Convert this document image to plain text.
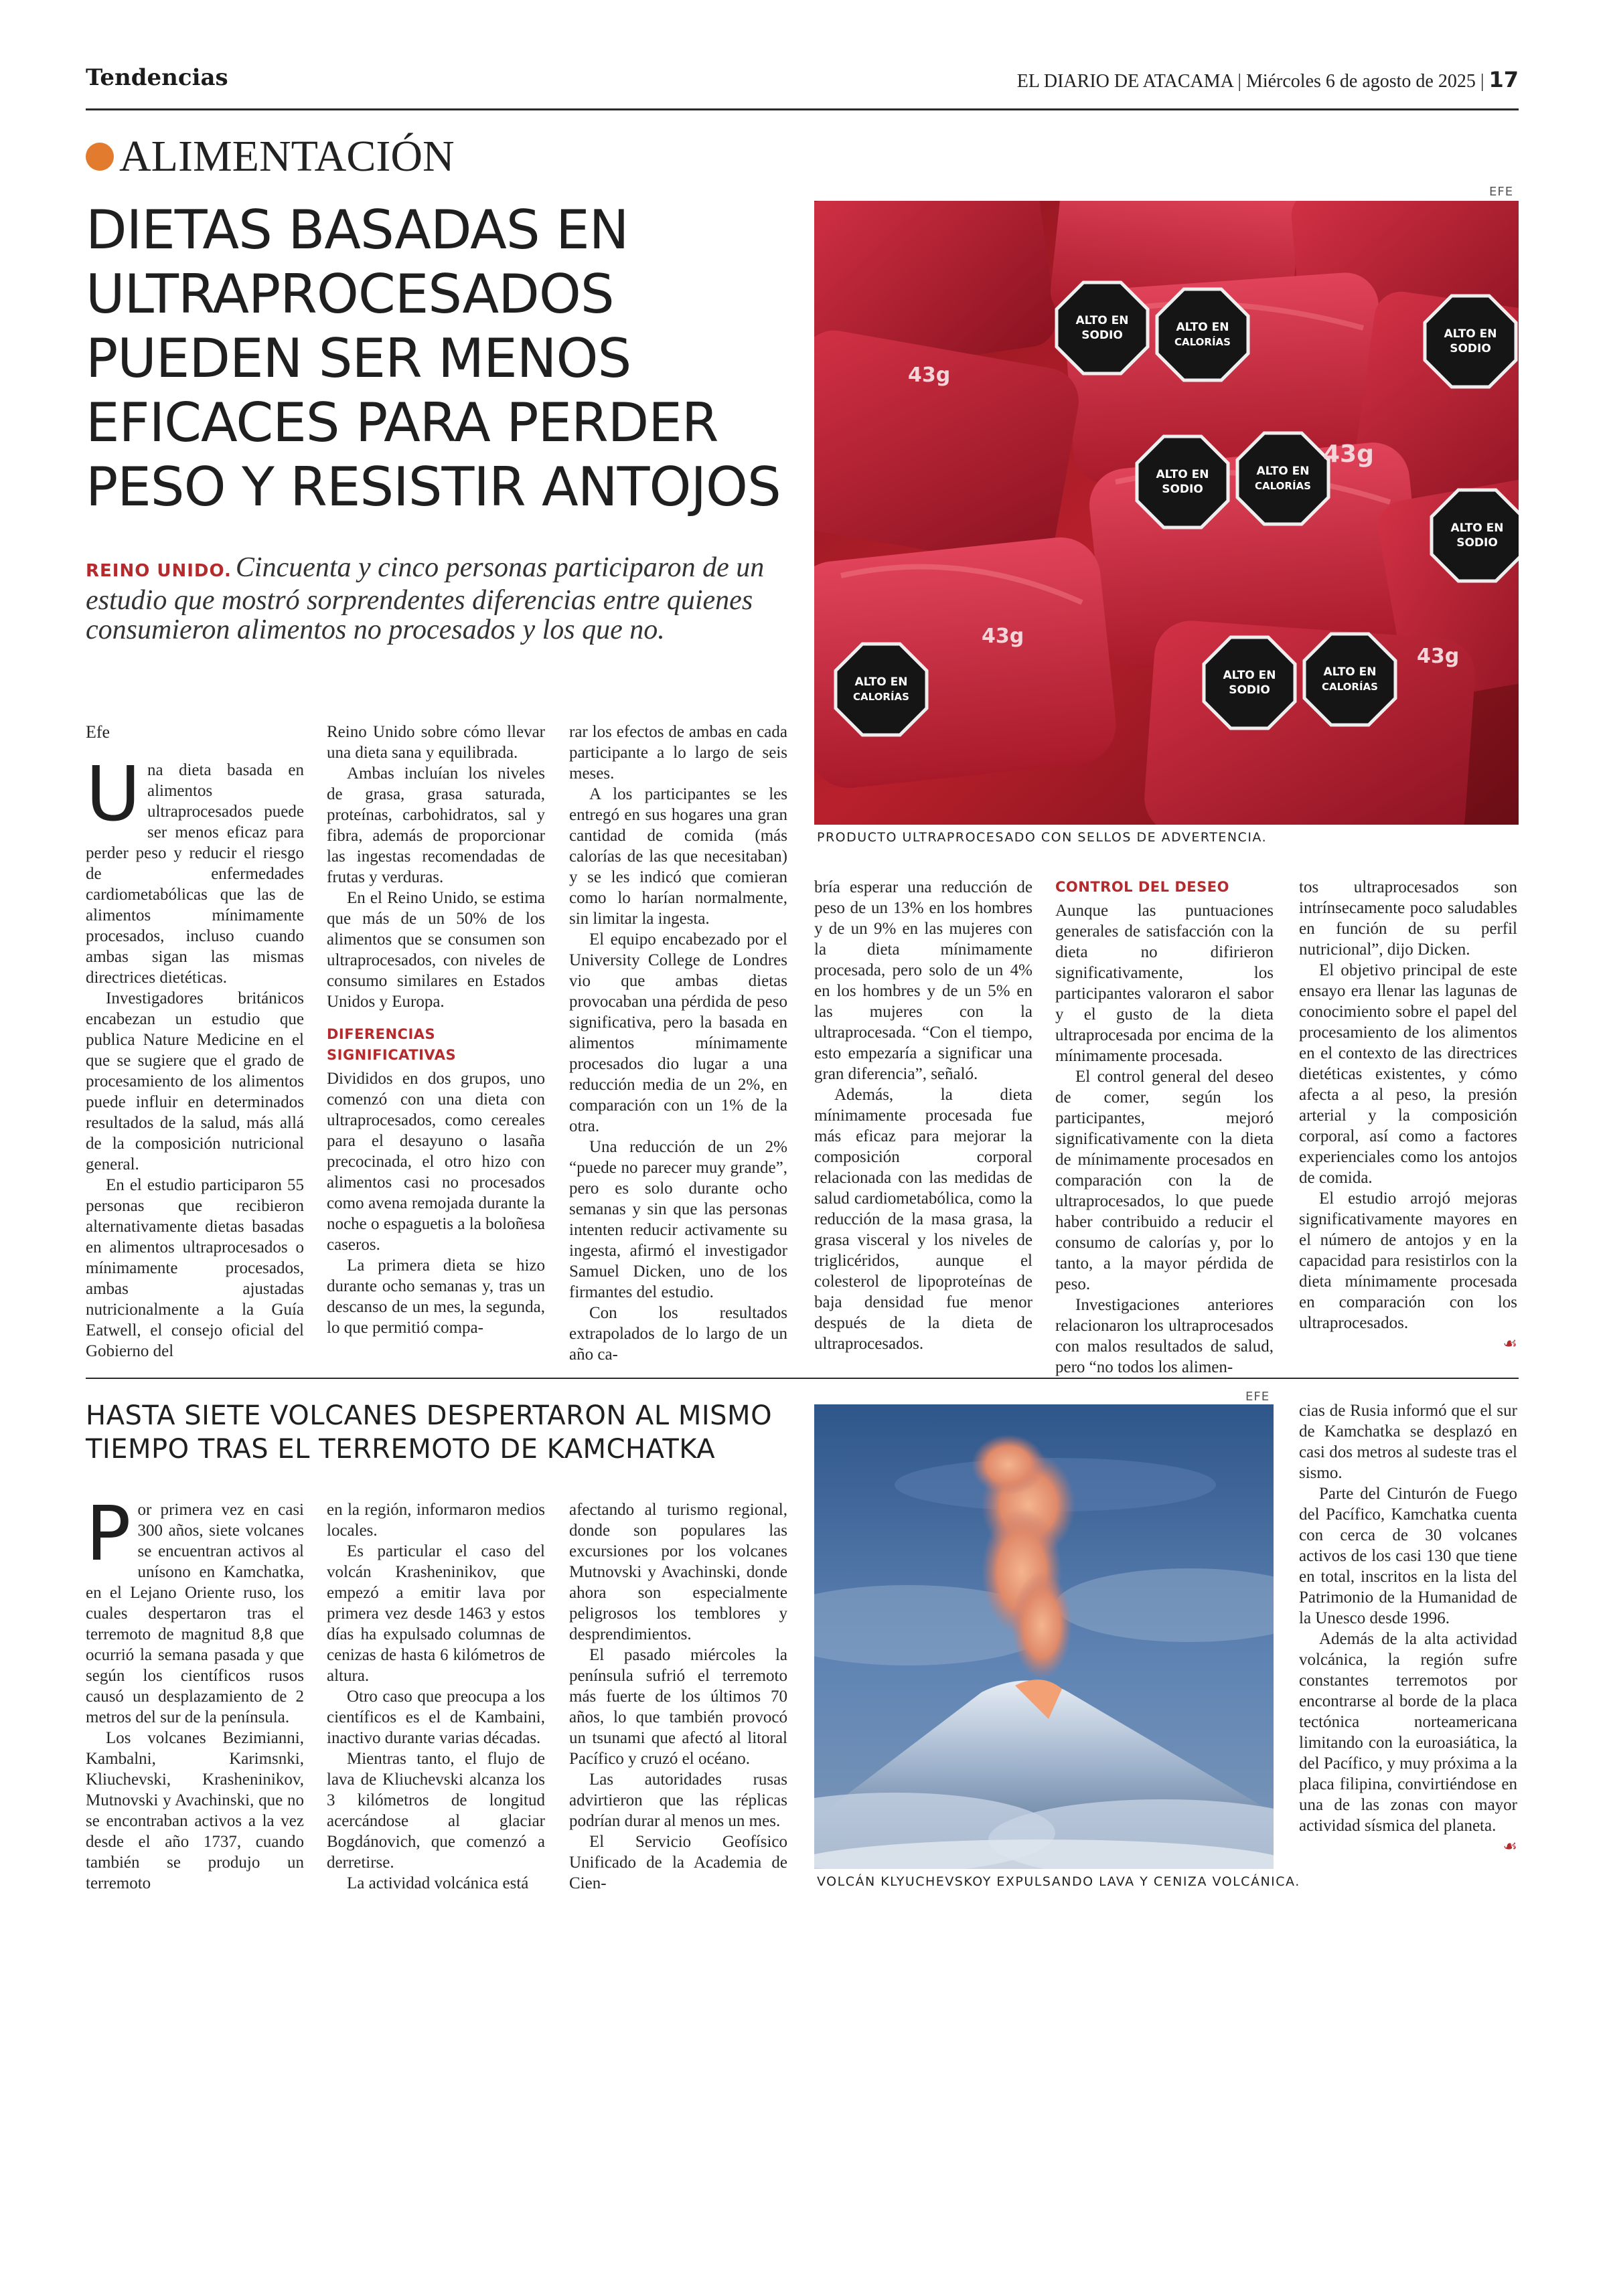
Tendencias	EL DIARIO DE ATACAMA | Miércoles 6 de agosto de 2025 | 17
ALIMENTACIÓN
DIETAS BASADAS EN
ULTRAPROCESADOS
PUEDEN SER MENOS
EFICACES PARA PERDER
PESO Y RESISTIR ANTOJOS
REINO UNIDO. Cincuenta y cinco personas participaron de un estudio que mostró sorprendentes diferencias entre quienes consumieron alimentos no procesados y los que no.
EFE
ALTO EN
SODIO
ALTO EN
CALORÍAS
ALTO EN
SODIO
ALTO EN
CALORÍAS
ALTO EN
CALORÍAS
ALTO EN
SODIO
ALTO EN
CALORÍAS
ALTO EN
SODIO
ALTO EN
SODIO
43g
43g
43g
43g
PRODUCTO ULTRAPROCESADO CON SELLOS DE ADVERTENCIA.

Efe

Una dieta basada en alimentos ultraprocesados puede ser menos eficaz para perder peso y reducir el riesgo de enfermedades cardiometabólicas que las de alimentos mínimamente procesados, incluso cuando ambas sigan las mismas directrices dietéticas.

Investigadores británicos encabezan un estudio que publica Nature Medicine en el que se sugiere que el grado de procesamiento de los alimentos puede influir en determinados resultados de la salud, más allá de la composición nutricional general.

En el estudio participaron 55 personas que recibieron alternativamente dietas basadas en alimentos ultraprocesados o mínimamente procesados, ambas ajustadas nutricionalmente a la Guía Eatwell, el consejo oficial del Gobierno del

Reino Unido sobre cómo llevar una dieta sana y equilibrada.

Ambas incluían los niveles de grasa, grasa saturada, proteínas, carbohidratos, sal y fibra, además de proporcionar las ingestas recomendadas de frutas y verduras.

En el Reino Unido, se estima que más de un 50% de los alimentos que se consumen son ultraprocesados, con niveles de consumo similares en Estados Unidos y Europa.

DIFERENCIAS SIGNIFICATIVAS

Divididos en dos grupos, uno comenzó con una dieta con ultraprocesados, como cereales para el desayuno o lasaña precocinada, el otro hizo con alimentos casi no procesados como avena remojada durante la noche o espaguetis a la boloñesa caseros.

La primera dieta se hizo durante ocho semanas y, tras un descanso de un mes, la segunda, lo que permitió compa-

rar los efectos de ambas en cada participante a lo largo de seis meses.

A los participantes se les entregó en sus hogares una gran cantidad de comida (más calorías de las que necesitaban) y se les indicó que comieran como lo harían normalmente, sin limitar la ingesta.

El equipo encabezado por el University College de Londres vio que ambas dietas provocaban una pérdida de peso significativa, pero la basada en alimentos mínimamente procesados dio lugar a una reducción media de un 2%, en comparación con un 1% de la otra.

Una reducción de un 2% “puede no parecer muy grande”, pero es solo durante ocho semanas y sin que las personas intenten reducir activamente su ingesta, afirmó el investigador Samuel Dicken, uno de los firmantes del estudio.

Con los resultados extrapolados de lo largo de un año ca-

bría esperar una reducción de peso de un 13% en los hombres y de un 9% en las mujeres con la dieta mínimamente procesada, pero solo de un 4% en los hombres y de un 5% en las mujeres con la ultraprocesada. “Con el tiempo, esto empezaría a significar una gran diferencia”, señaló.

Además, la dieta mínimamente procesada fue más eficaz para mejorar la composición corporal relacionada con las medidas de salud cardiometabólica, como la reducción de la masa grasa, la grasa visceral y los niveles de triglicéridos, aunque el colesterol de lipoproteínas de baja densidad fue menor después de la dieta de ultraprocesados.

CONTROL DEL DESEO

Aunque las puntuaciones generales de satisfacción con la dieta no difirieron significativamente, los participantes valoraron el sabor y el gusto de la dieta ultraprocesada por encima de la mínimamente procesada.

El control general del deseo de comer, según los participantes, mejoró significativamente con la dieta de mínimamente procesados en comparación con la de ultraprocesados, lo que puede haber contribuido a reducir el consumo de calorías y, por lo tanto, a la mayor pérdida de peso.

Investigaciones anteriores relacionaron los ultraprocesados con malos resultados de salud, pero “no todos los alimen-

tos ultraprocesados son intrínsecamente poco saludables en función de su perfil nutricional”, dijo Dicken.

El objetivo principal de este ensayo era llenar las lagunas de conocimiento sobre el papel del procesamiento de los alimentos en el contexto de las directrices dietéticas existentes, y cómo afecta a al peso, la presión arterial y la composición corporal, así como a factores experienciales como los antojos de comida.

El estudio arrojó mejoras significativamente mayores en el número de antojos y en la capacidad para resistirlos con la dieta mínimamente procesada en comparación con los ultraprocesados.

☙
HASTA SIETE VOLCANES DESPERTARON AL MISMO
TIEMPO TRAS EL TERREMOTO DE KAMCHATKA

Por primera vez en casi 300 años, siete volcanes se encuentran activos al unísono en Kamchatka, en el Lejano Oriente ruso, los cuales despertaron tras el terremoto de magnitud 8,8 que ocurrió la semana pasada y que según los científicos rusos causó un desplazamiento de 2 metros del sur de la península.

Los volcanes Bezimianni, Kambalni, Karimsnki, Kliuchevski, Krasheninikov, Mutnovski y Avachinski, que no se encontraban activos a la vez desde el año 1737, cuando también se produjo un terremoto

en la región, informaron medios locales.

Es particular el caso del volcán Krasheninikov, que empezó a emitir lava por primera vez desde 1463 y estos días ha expulsado columnas de cenizas de hasta 6 kilómetros de altura.

Otro caso que preocupa a los científicos es el de Kambaini, inactivo durante varias décadas.

Mientras tanto, el flujo de lava de Kliuchevski alcanza los 3 kilómetros de longitud acercándose al glaciar Bogdánovich, que comenzó a derretirse.

La actividad volcánica está

afectando al turismo regional, donde son populares las excursiones por los volcanes Mutnovski y Avachinski, donde ahora son especialmente peligrosos los temblores y desprendimientos.

El pasado miércoles la península sufrió el terremoto más fuerte de los últimos 70 años, lo que también provocó un tsunami que afectó al litoral Pacífico y cruzó el océano.

Las autoridades rusas advirtieron que las réplicas podrían durar al menos un mes.

El Servicio Geofísico Unificado de la Academia de Cien-

EFE
VOLCÁN KLYUCHEVSKOY EXPULSANDO LAVA Y CENIZA VOLCÁNICA.

cias de Rusia informó que el sur de Kamchatka se desplazó en casi dos metros al sudeste tras el sismo.

Parte del Cinturón de Fuego del Pacífico, Kamchatka cuenta con cerca de 30 volcanes activos de los casi 130 que tiene en total, inscritos en la lista del Patrimonio de la Humanidad de la Unesco desde 1996.

Además de la alta actividad volcánica, la región sufre constantes terremotos por encontrarse al borde de la placa tectónica norteamericana limitando con la euroasiática, la del Pacífico, y muy próxima a la placa filipina, convirtiéndose en una de las zonas con mayor actividad sísmica del planeta.

☙
